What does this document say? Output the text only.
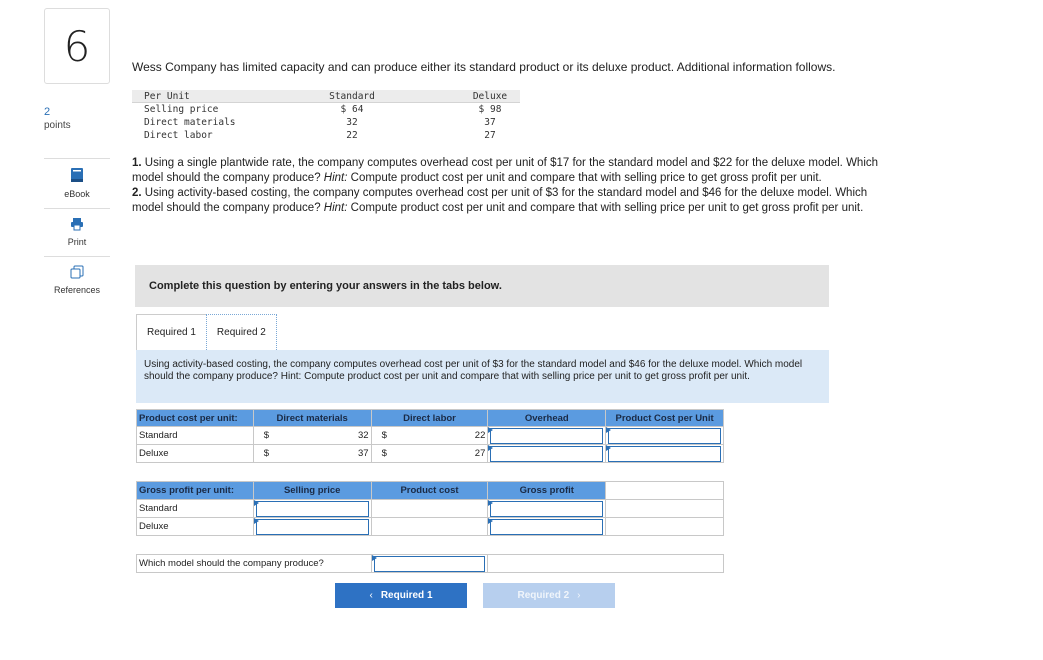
6
2
points
eBook
Print
References
Wess Company has limited capacity and can produce either its standard product or its deluxe product. Additional information follows.
Per Unit	Standard	Deluxe
Selling price	$ 64	$ 98
Direct materials	32	37
Direct labor	22	27
1. Using a single plantwide rate, the company computes overhead cost per unit of $17 for the standard model and $22 for the deluxe model. Which model should the company produce? Hint: Compute product cost per unit and compare that with selling price to get gross profit per unit.
2. Using activity-based costing, the company computes overhead cost per unit of $3 for the standard model and $46 for the deluxe model. Which model should the company produce? Hint: Compute product cost per unit and compare that with selling price per unit to get gross profit per unit.
Complete this question by entering your answers in the tabs below.
Required 1	Required 2
Using activity-based costing, the company computes overhead cost per unit of $3 for the standard model and $46 for the deluxe model. Which model should the company produce? Hint: Compute product cost per unit and compare that with selling price per unit to get gross profit per unit.
Product cost per unit:	Direct materials	Direct labor	Overhead	Product Cost per Unit
Standard	$ 32	$ 22		

Deluxe	$ 37	$ 27		

Gross profit per unit:	Selling price	Product cost	Gross profit	
Standard	

Deluxe	

Which model should the company produce?		

‹ Required 1	Required 2 ›
